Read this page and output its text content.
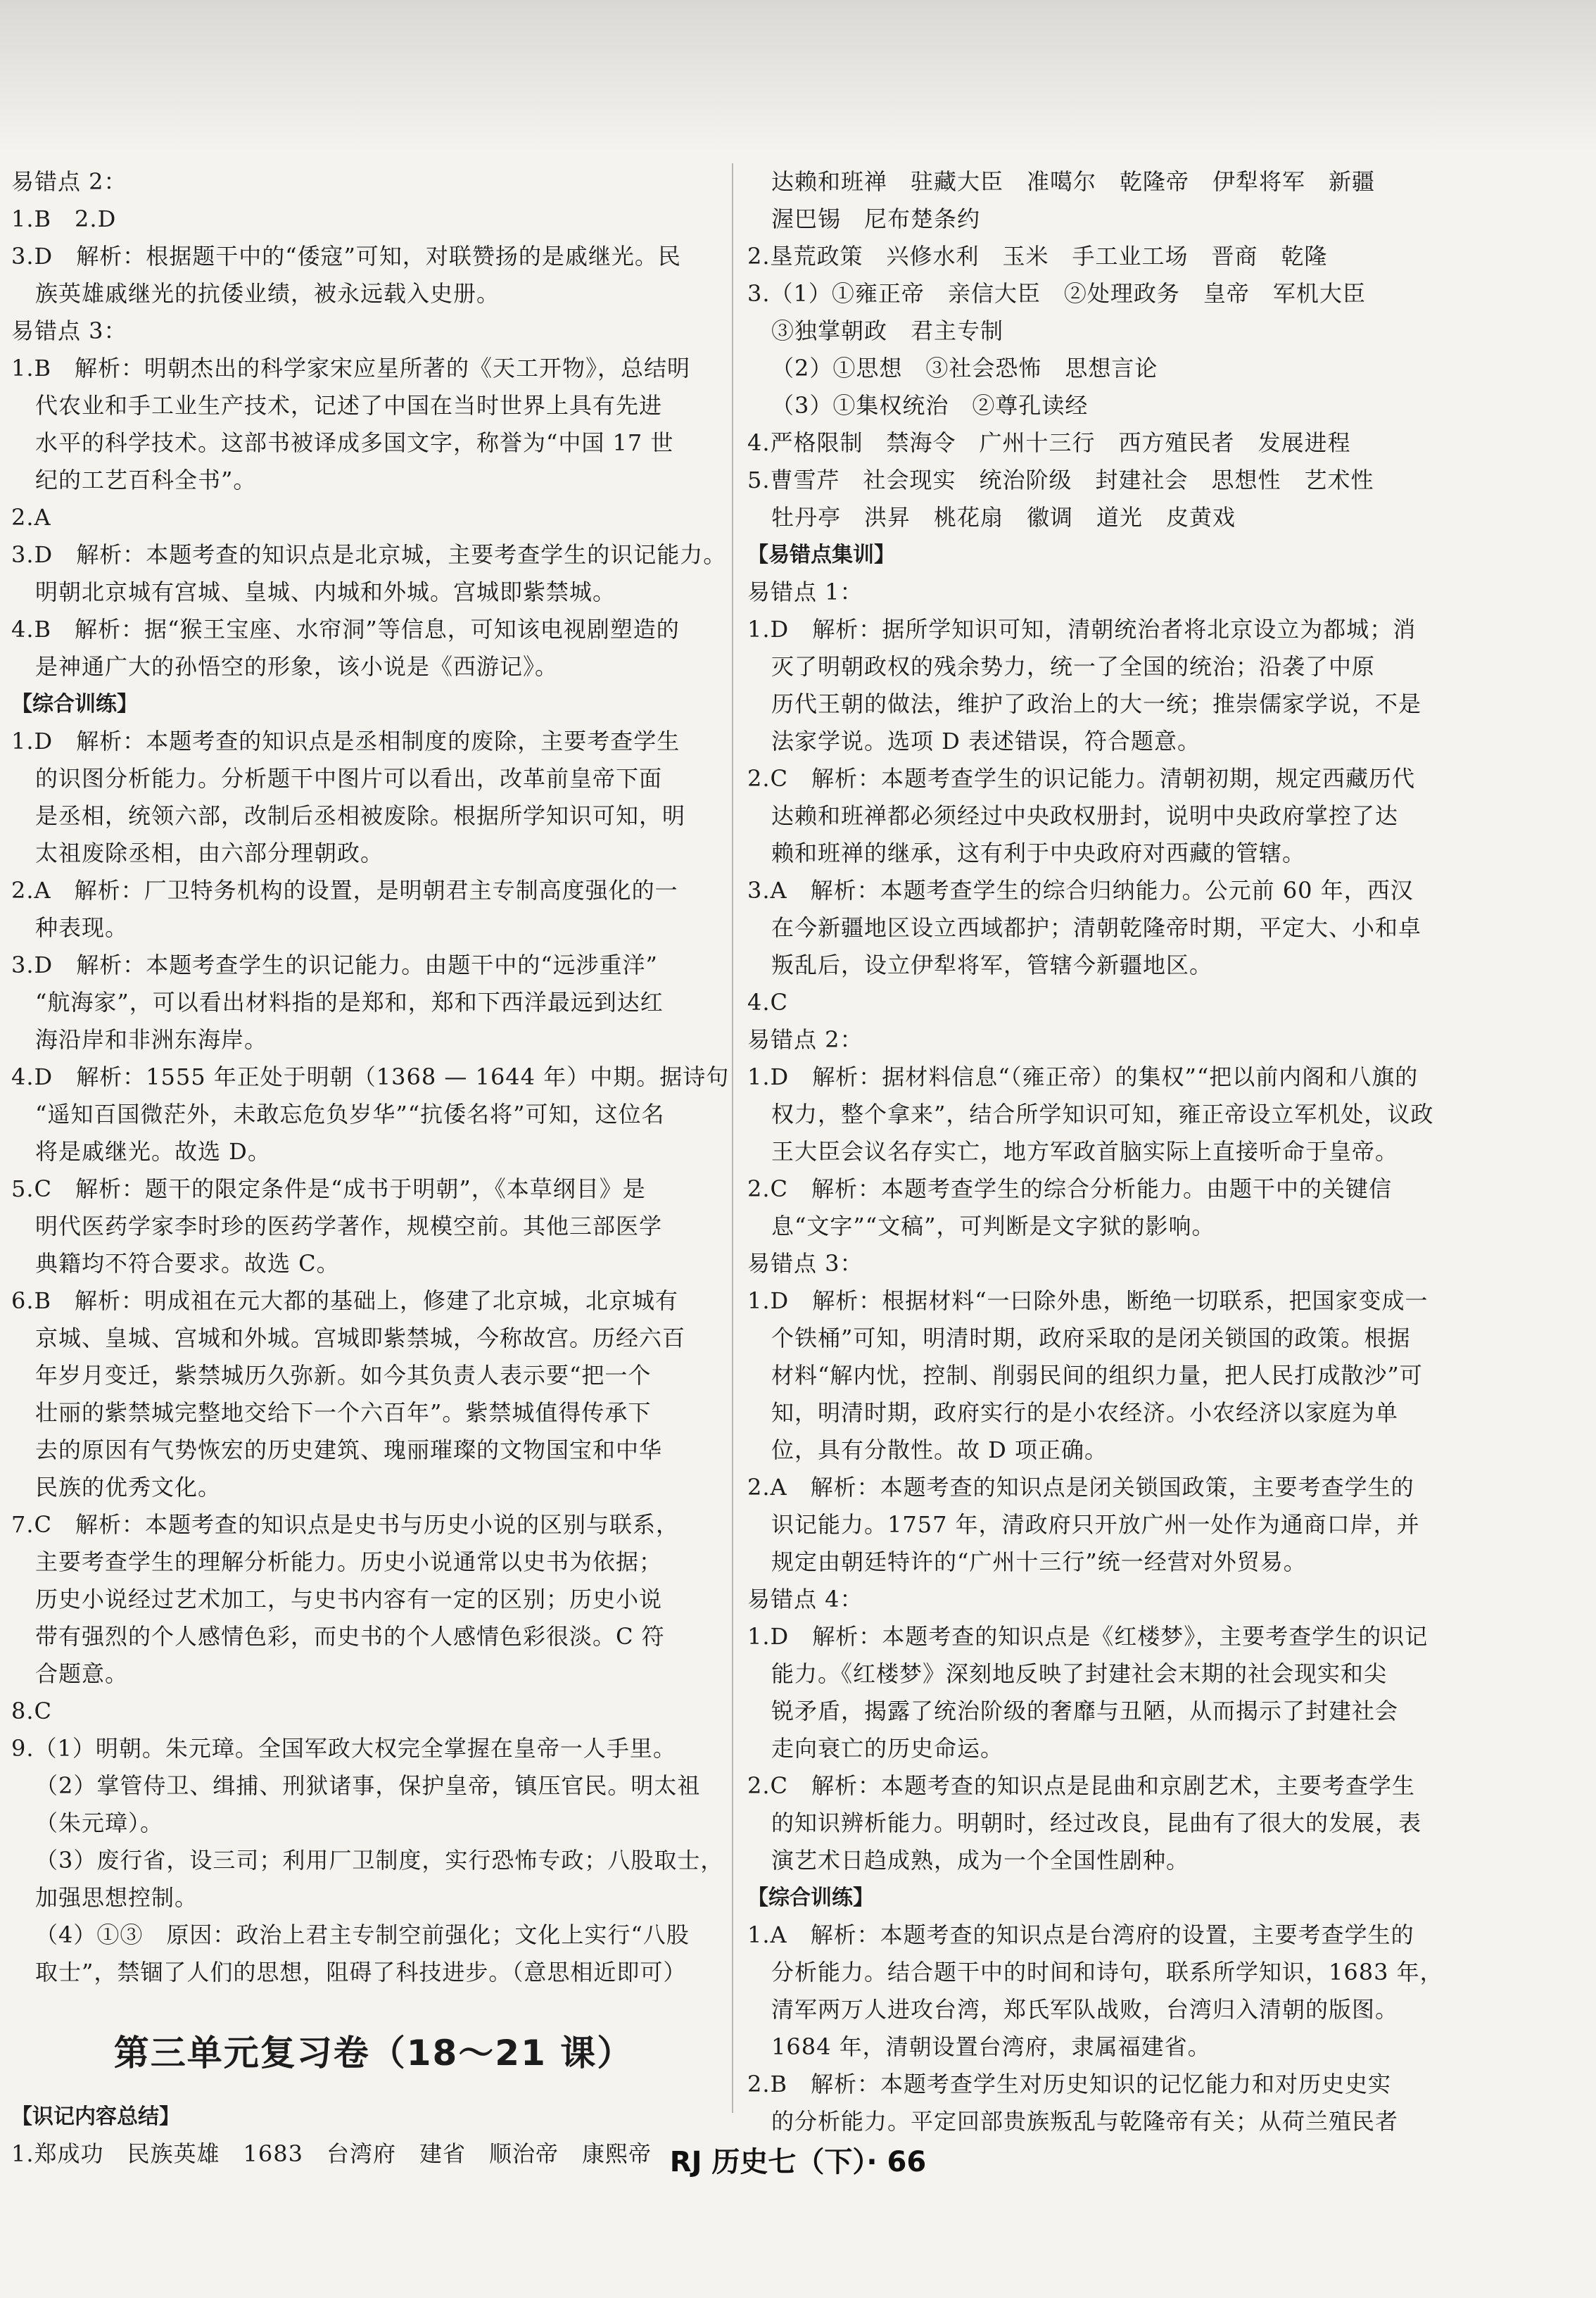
易错点 2：
1.B　2.D
3.D　解析：根据题干中的“倭寇”可知，对联赞扬的是戚继光。民
族英雄戚继光的抗倭业绩，被永远载入史册。
易错点 3：
1.B　解析：明朝杰出的科学家宋应星所著的《天工开物》，总结明
代农业和手工业生产技术，记述了中国在当时世界上具有先进
水平的科学技术。这部书被译成多国文字，称誉为“中国 17 世
纪的工艺百科全书”。
2.A
3.D　解析：本题考查的知识点是北京城，主要考查学生的识记能力。
明朝北京城有宫城、皇城、内城和外城。宫城即紫禁城。
4.B　解析：据“猴王宝座、水帘洞”等信息，可知该电视剧塑造的
是神通广大的孙悟空的形象，该小说是《西游记》。
【综合训练】
1.D　解析：本题考查的知识点是丞相制度的废除，主要考查学生
的识图分析能力。分析题干中图片可以看出，改革前皇帝下面
是丞相，统领六部，改制后丞相被废除。根据所学知识可知，明
太祖废除丞相，由六部分理朝政。
2.A　解析：厂卫特务机构的设置，是明朝君主专制高度强化的一
种表现。
3.D　解析：本题考查学生的识记能力。由题干中的“远涉重洋”
“航海家”，可以看出材料指的是郑和，郑和下西洋最远到达红
海沿岸和非洲东海岸。
4.D　解析：1555 年正处于明朝（1368 — 1644 年）中期。据诗句
“遥知百国微茫外，未敢忘危负岁华”“抗倭名将”可知，这位名
将是戚继光。故选 D。
5.C　解析：题干的限定条件是“成书于明朝”，《本草纲目》是
明代医药学家李时珍的医药学著作，规模空前。其他三部医学
典籍均不符合要求。故选 C。
6.B　解析：明成祖在元大都的基础上，修建了北京城，北京城有
京城、皇城、宫城和外城。宫城即紫禁城，今称故宫。历经六百
年岁月变迁，紫禁城历久弥新。如今其负责人表示要“把一个
壮丽的紫禁城完整地交给下一个六百年”。紫禁城值得传承下
去的原因有气势恢宏的历史建筑、瑰丽璀璨的文物国宝和中华
民族的优秀文化。
7.C　解析：本题考查的知识点是史书与历史小说的区别与联系，
主要考查学生的理解分析能力。历史小说通常以史书为依据；
历史小说经过艺术加工，与史书内容有一定的区别；历史小说
带有强烈的个人感情色彩，而史书的个人感情色彩很淡。C 符
合题意。
8.C
9.（1）明朝。朱元璋。全国军政大权完全掌握在皇帝一人手里。
（2）掌管侍卫、缉捕、刑狱诸事，保护皇帝，镇压官民。明太祖
（朱元璋）。
（3）废行省，设三司；利用厂卫制度，实行恐怖专政；八股取士，
加强思想控制。
（4）①③　原因：政治上君主专制空前强化；文化上实行“八股
取士”，禁锢了人们的思想，阻碍了科技进步。（意思相近即可）
第三单元复习卷（18～21 课）
【识记内容总结】
1.郑成功　民族英雄　1683　台湾府　建省　顺治帝　康熙帝
达赖和班禅　驻藏大臣　准噶尔　乾隆帝　伊犁将军　新疆
渥巴锡　尼布楚条约
2.垦荒政策　兴修水利　玉米　手工业工场　晋商　乾隆
3.（1）①雍正帝　亲信大臣　②处理政务　皇帝　军机大臣
③独掌朝政　君主专制
（2）①思想　③社会恐怖　思想言论
（3）①集权统治　②尊孔读经
4.严格限制　禁海令　广州十三行　西方殖民者　发展进程
5.曹雪芹　社会现实　统治阶级　封建社会　思想性　艺术性
牡丹亭　洪昇　桃花扇　徽调　道光　皮黄戏
【易错点集训】
易错点 1：
1.D　解析：据所学知识可知，清朝统治者将北京设立为都城；消
灭了明朝政权的残余势力，统一了全国的统治；沿袭了中原
历代王朝的做法，维护了政治上的大一统；推崇儒家学说，不是
法家学说。选项 D 表述错误，符合题意。
2.C　解析：本题考查学生的识记能力。清朝初期，规定西藏历代
达赖和班禅都必须经过中央政权册封，说明中央政府掌控了达
赖和班禅的继承，这有利于中央政府对西藏的管辖。
3.A　解析：本题考查学生的综合归纳能力。公元前 60 年，西汉
在今新疆地区设立西域都护；清朝乾隆帝时期，平定大、小和卓
叛乱后，设立伊犁将军，管辖今新疆地区。
4.C
易错点 2：
1.D　解析：据材料信息“（雍正帝）的集权”“把以前内阁和八旗的
权力，整个拿来”，结合所学知识可知，雍正帝设立军机处，议政
王大臣会议名存实亡，地方军政首脑实际上直接听命于皇帝。
2.C　解析：本题考查学生的综合分析能力。由题干中的关键信
息“文字”“文稿”，可判断是文字狱的影响。
易错点 3：
1.D　解析：根据材料“一曰除外患，断绝一切联系，把国家变成一
个铁桶”可知，明清时期，政府采取的是闭关锁国的政策。根据
材料“解内忧，控制、削弱民间的组织力量，把人民打成散沙”可
知，明清时期，政府实行的是小农经济。小农经济以家庭为单
位，具有分散性。故 D 项正确。
2.A　解析：本题考查的知识点是闭关锁国政策，主要考查学生的
识记能力。1757 年，清政府只开放广州一处作为通商口岸，并
规定由朝廷特许的“广州十三行”统一经营对外贸易。
易错点 4：
1.D　解析：本题考查的知识点是《红楼梦》，主要考查学生的识记
能力。《红楼梦》深刻地反映了封建社会末期的社会现实和尖
锐矛盾，揭露了统治阶级的奢靡与丑陋，从而揭示了封建社会
走向衰亡的历史命运。
2.C　解析：本题考查的知识点是昆曲和京剧艺术，主要考查学生
的知识辨析能力。明朝时，经过改良，昆曲有了很大的发展，表
演艺术日趋成熟，成为一个全国性剧种。
【综合训练】
1.A　解析：本题考查的知识点是台湾府的设置，主要考查学生的
分析能力。结合题干中的时间和诗句，联系所学知识，1683 年，
清军两万人进攻台湾，郑氏军队战败，台湾归入清朝的版图。
1684 年，清朝设置台湾府，隶属福建省。
2.B　解析：本题考查学生对历史知识的记忆能力和对历史史实
的分析能力。平定回部贵族叛乱与乾隆帝有关；从荷兰殖民者
RJ 历史七（下）· 66
